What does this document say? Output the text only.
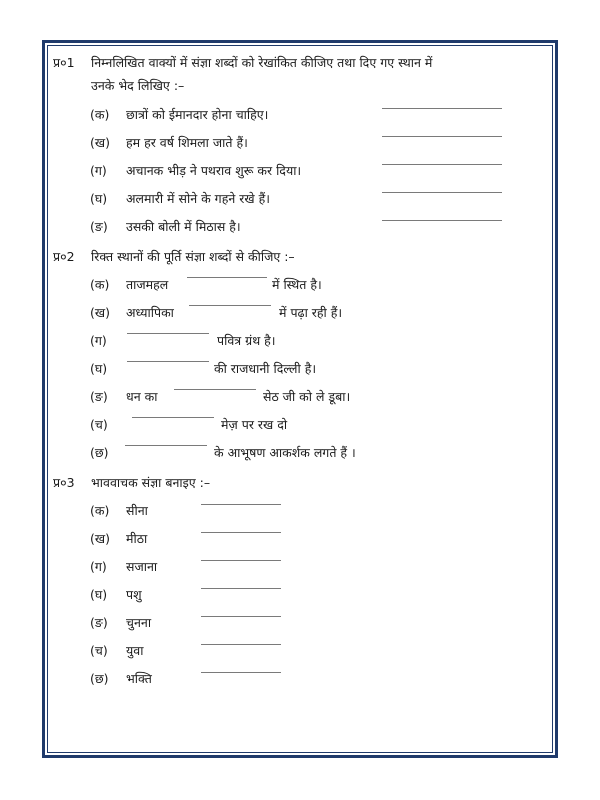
प्र०1 निम्नलिखित वाक्यों में संज्ञा शब्दों को रेखांकित कीजिए तथा दिए गए स्थान में
उनके भेद लिखिए :–
(क) छात्रों को ईमानदार होना चाहिए।
(ख) हम हर वर्ष शिमला जाते हैं।
(ग) अचानक भीड़ ने पथराव शुरू कर दिया।
(घ) अलमारी में सोने के गहने रखे हैं।
(ङ) उसकी बोली में मिठास है।
प्र०2 रिक्त स्थानों की पूर्ति संज्ञा शब्दों से कीजिए :–
(क) ताजमहल	में स्थित है।
(ख) अध्यापिका	में पढ़ा रही हैं।
(ग)	पवित्र ग्रंथ है।
(घ)	की राजधानी दिल्ली है।
(ङ) धन का	सेठ जी को ले डूबा।
(च)	मेज़ पर रख दो
(छ)	के आभूषण आकर्शक लगते हैं ।
प्र०3 भाववाचक संज्ञा बनाइए :–
(क) सीना
(ख) मीठा
(ग) सजाना
(घ) पशु
(ङ) चुनना
(च) युवा
(छ) भक्ति
